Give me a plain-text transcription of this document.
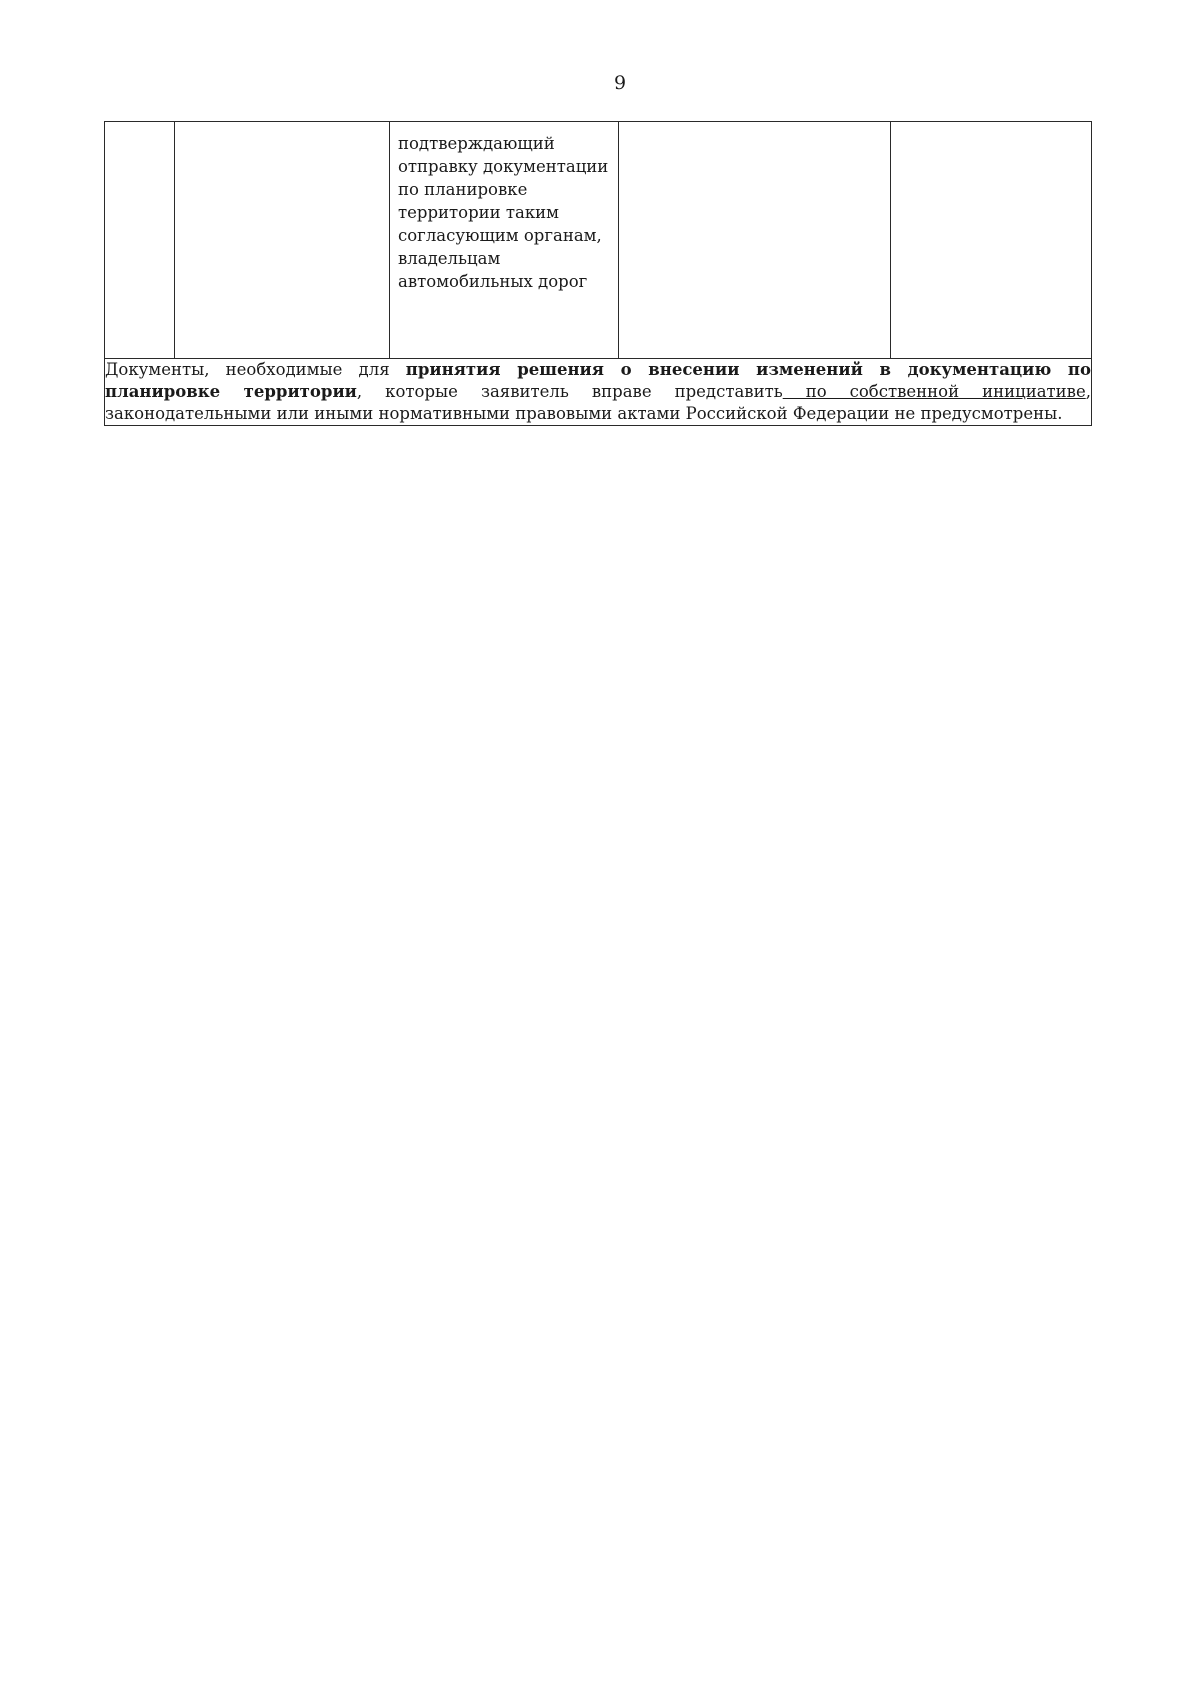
9

подтверждающий
отправку документации
по планировке
территории таким
согласующим органам,
владельцам
автомобильных дорог

Документы, необходимые для принятия решения о внесении изменений в документацию по планировке территории, которые заявитель вправе представить по собственной инициативе, законодательными или иными нормативными правовыми актами Российской Федерации не предусмотрены.
